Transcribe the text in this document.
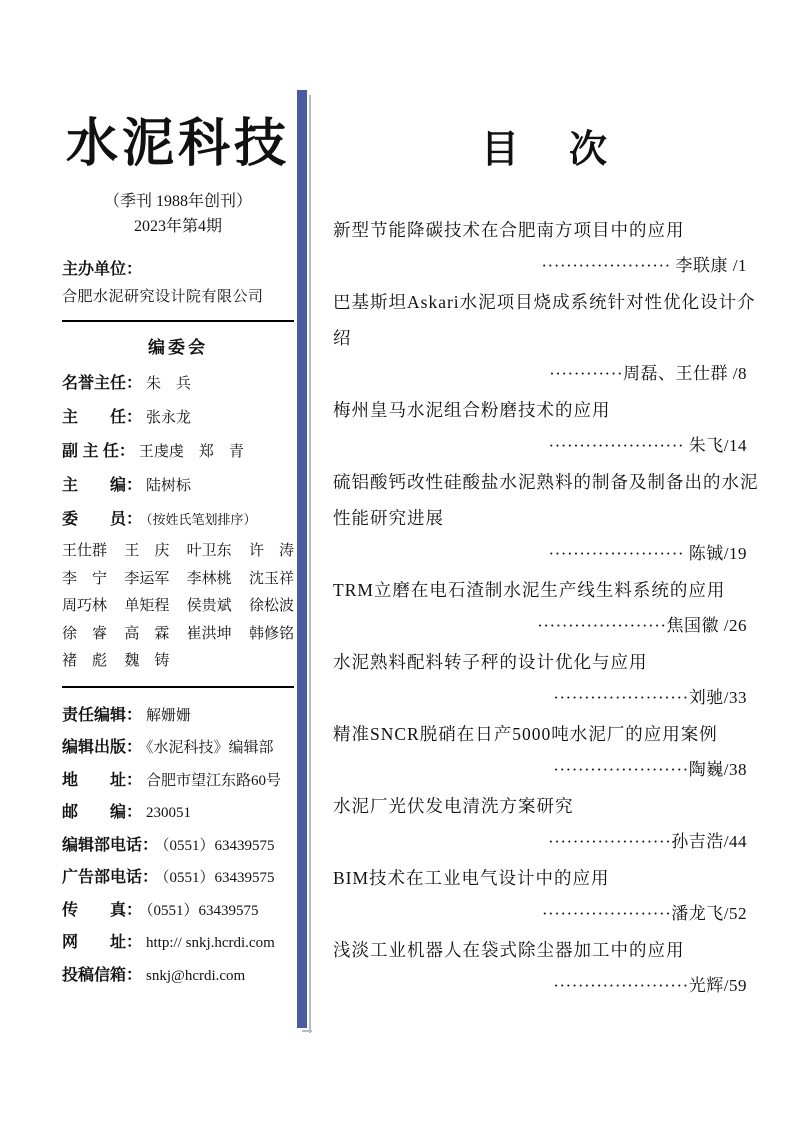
水泥科技
（季刊 1988年创刊）
2023年第4期
主办单位：
合肥水泥研究设计院有限公司
编委会
名誉主任： 朱　兵
主　　任： 张永龙
副 主 任： 王虔虔　郑　青
主　　编： 陆树标
委　　员： （按姓氏笔划排序）
王仕群 王　庆 叶卫东 许　涛
李　宁 李运军 李林桃 沈玉祥
周巧林 单矩程 侯贵斌 徐松波
徐　睿 高　霖 崔洪坤 韩修铭
褚　彪 魏　铸
责任编辑： 解姗姗
编辑出版： 《水泥科技》编辑部
地　　址： 合肥市望江东路60号
邮　　编： 230051
编辑部电话： （0551）63439575
广告部电话： （0551）63439575
传　　真： （0551）63439575
网　　址： http:// snkj.hcrdi.com
投稿信箱： snkj@hcrdi.com
目　次
新型节能降碳技术在合肥南方项目中的应用
····················· 李联康 /1
巴基斯坦Askari水泥项目烧成系统针对性优化设计介绍
············周磊、王仕群 /8
梅州皇马水泥组合粉磨技术的应用
······················ 朱飞/14
硫铝酸钙改性硅酸盐水泥熟料的制备及制备出的水泥性能研究进展
······················ 陈铖/19
TRM立磨在电石渣制水泥生产线生料系统的应用
·····················焦国徽 /26
水泥熟料配料转子秤的设计优化与应用
······················刘驰/33
精准SNCR脱硝在日产5000吨水泥厂的应用案例
······················陶巍/38
水泥厂光伏发电清洗方案研究
····················孙吉浩/44
BIM技术在工业电气设计中的应用
·····················潘龙飞/52
浅淡工业机器人在袋式除尘器加工中的应用
······················光辉/59
